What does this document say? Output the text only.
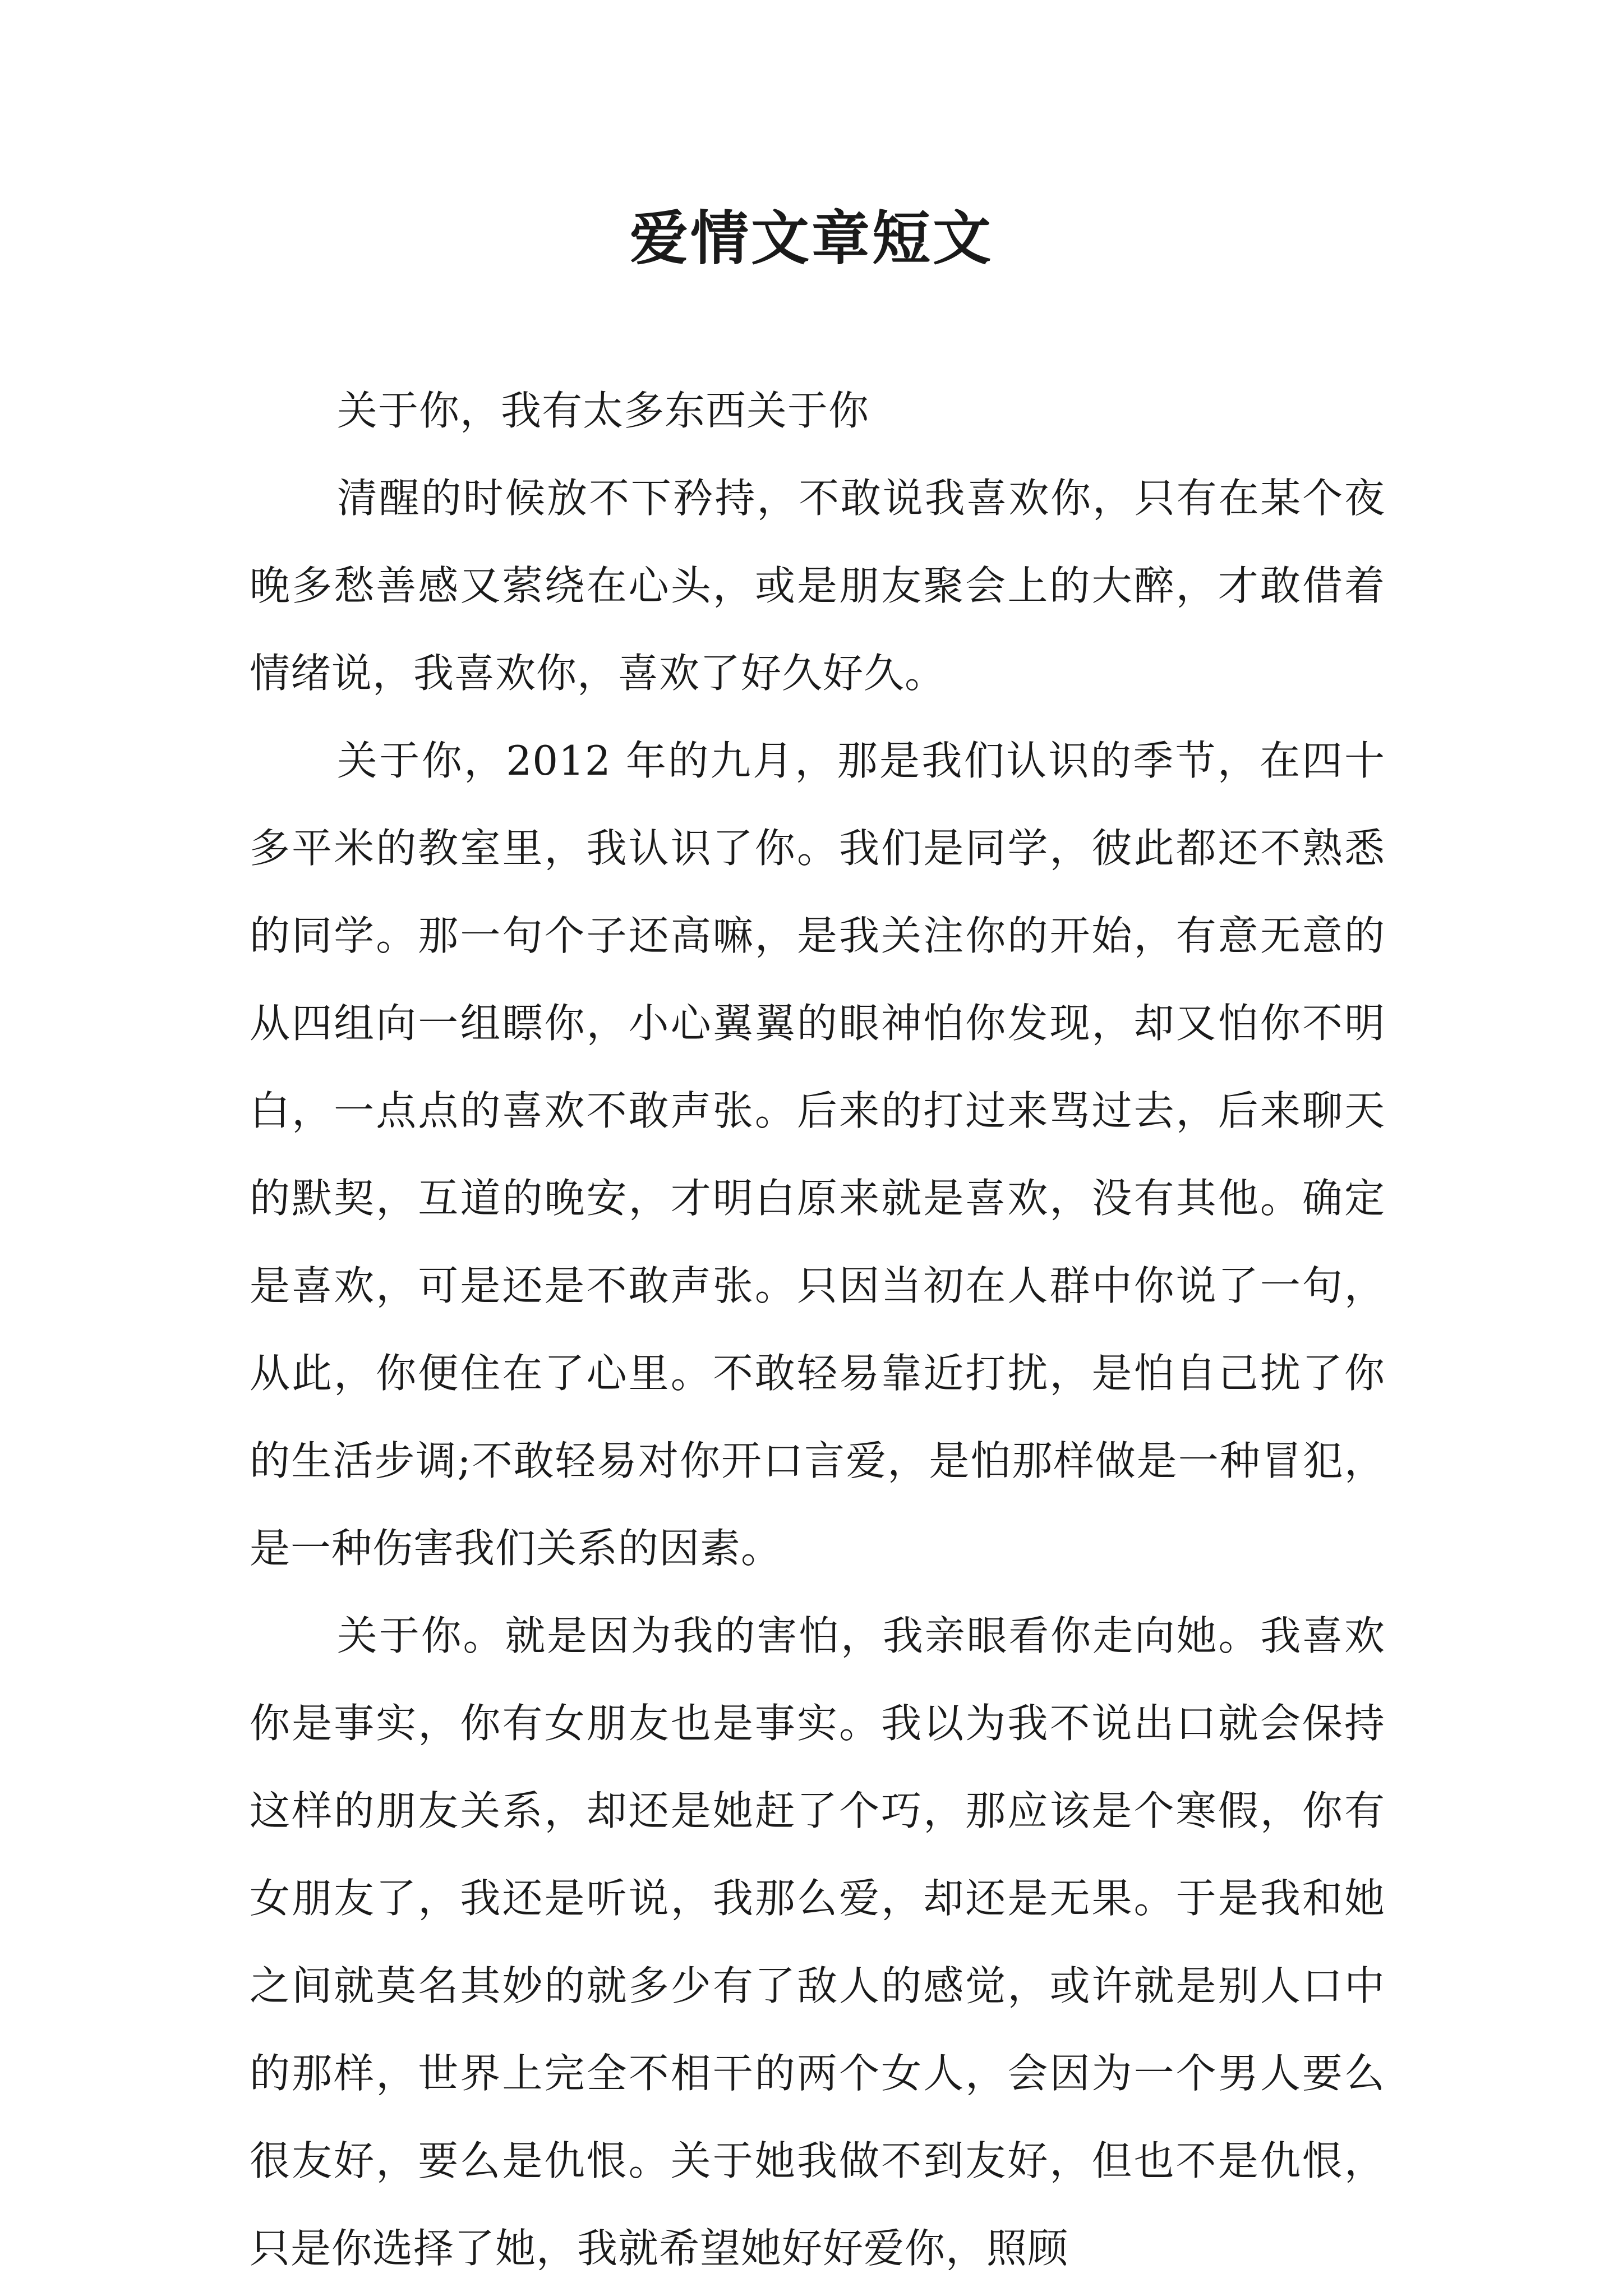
爱情文章短文

关于你，我有太多东西关于你

清醒的时候放不下矜持，不敢说我喜欢你，只有在某个夜晚多愁善感又萦绕在心头，或是朋友聚会上的大醉，才敢借着情绪说，我喜欢你，喜欢了好久好久。

关于你，2012 年的九月，那是我们认识的季节，在四十多平米的教室里，我认识了你。我们是同学，彼此都还不熟悉的同学。那一句个子还高嘛，是我关注你的开始，有意无意的从四组向一组瞟你，小心翼翼的眼神怕你发现，却又怕你不明白，一点点的喜欢不敢声张。后来的打过来骂过去，后来聊天的默契，互道的晚安，才明白原来就是喜欢，没有其他。确定是喜欢，可是还是不敢声张。只因当初在人群中你说了一句，从此，你便住在了心里。不敢轻易靠近打扰，是怕自己扰了你的生活步调;不敢轻易对你开口言爱，是怕那样做是一种冒犯，是一种伤害我们关系的因素。

关于你。就是因为我的害怕，我亲眼看你走向她。我喜欢你是事实，你有女朋友也是事实。我以为我不说出口就会保持这样的朋友关系，却还是她赶了个巧，那应该是个寒假，你有女朋友了，我还是听说，我那么爱，却还是无果。于是我和她之间就莫名其妙的就多少有了敌人的感觉，或许就是别人口中的那样，世界上完全不相干的两个女人，会因为一个男人要么很友好，要么是仇恨。关于她我做不到友好，但也不是仇恨，只是你选择了她，我就希望她好好爱你，照顾
